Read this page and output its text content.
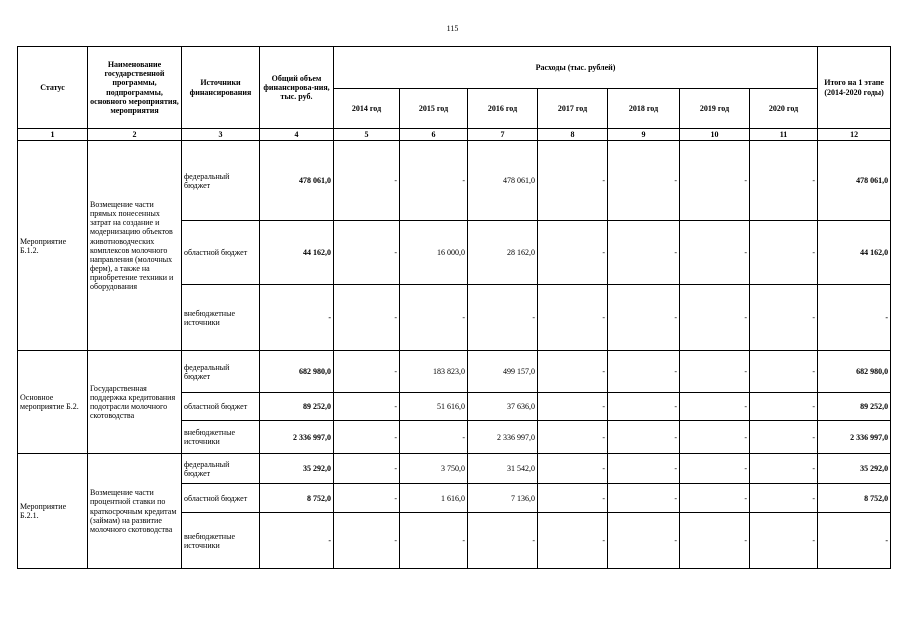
115
Статус	Наименование государственной программы, подпрограммы, основного мероприятия, мероприятия	Источники финансирования	Общий объем финансирова-ния, тыс. руб.	Расходы (тыс. рублей)							Итого на 1 этапе (2014-2020 годы)
				2014 год	2015 год	2016 год	2017 год	2018 год	2019 год	2020 год	
1	2	3	4	5	6	7	8	9	10	11	12
Мероприятие Б.1.2.	Возмещение части прямых понесенных затрат на создание и модернизацию объектов животноводческих комплексов молочного направления (молочных ферм), а также на приобретение техники и оборудования	федеральный бюджет	478 061,0	-	-	478 061,0	-	-	-	-	478 061,0
		областной бюджет	44 162,0	-	16 000,0	28 162,0	-	-	-	-	44 162,0
		внебюджетные источники	-	-	-	-	-	-	-	-	-
Основное мероприятие Б.2.	Государственная поддержка кредитования подотрасли молочного скотоводства	федеральный бюджет	682 980,0	-	183 823,0	499 157,0	-	-	-	-	682 980,0
		областной бюджет	89 252,0	-	51 616,0	37 636,0	-	-	-	-	89 252,0
		внебюджетные источники	2 336 997,0	-	-	2 336 997,0	-	-	-	-	2 336 997,0
Мероприятие Б.2.1.	Возмещение части процентной ставки по краткосрочным кредитам (займам) на развитие молочного скотоводства	федеральный бюджет	35 292,0	-	3 750,0	31 542,0	-	-	-	-	35 292,0
		областной бюджет	8 752,0	-	1 616,0	7 136,0	-	-	-	-	8 752,0
		внебюджетные источники	-	-	-	-	-	-	-	-	-
